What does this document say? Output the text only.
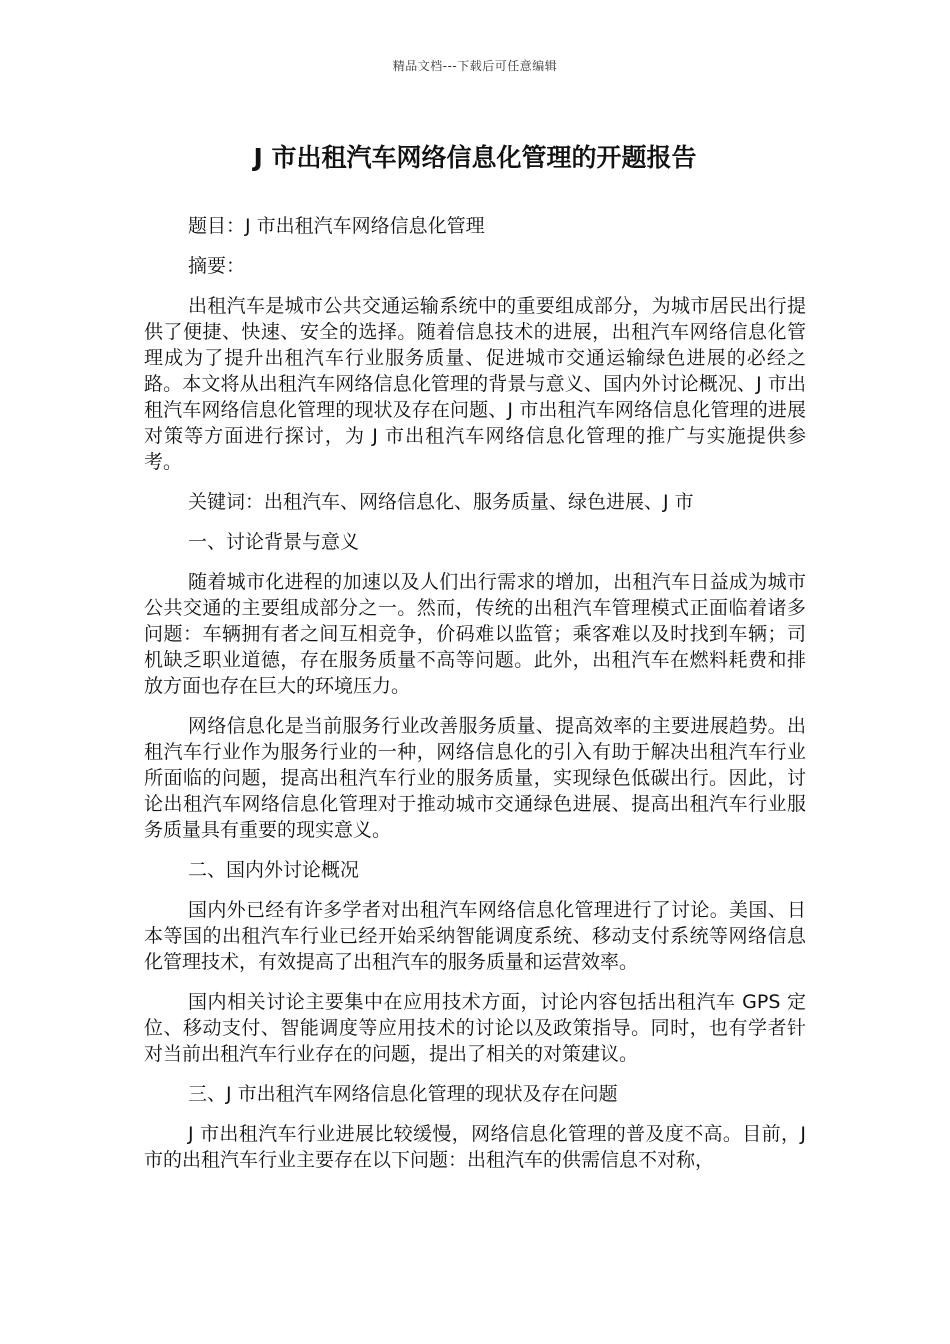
精品文档---下载后可任意编辑
J 市出租汽车网络信息化管理的开题报告

题目：J 市出租汽车网络信息化管理

摘要：

出租汽车是城市公共交通运输系统中的重要组成部分，为城市居民出行提供了便捷、快速、安全的选择。随着信息技术的进展，出租汽车网络信息化管理成为了提升出租汽车行业服务质量、促进城市交通运输绿色进展的必经之路。本文将从出租汽车网络信息化管理的背景与意义、国内外讨论概况、J 市出租汽车网络信息化管理的现状及存在问题、J 市出租汽车网络信息化管理的进展对策等方面进行探讨，为 J 市出租汽车网络信息化管理的推广与实施提供参考。

关键词：出租汽车、网络信息化、服务质量、绿色进展、J 市

一、讨论背景与意义

随着城市化进程的加速以及人们出行需求的增加，出租汽车日益成为城市公共交通的主要组成部分之一。然而，传统的出租汽车管理模式正面临着诸多问题：车辆拥有者之间互相竞争，价码难以监管；乘客难以及时找到车辆；司机缺乏职业道德，存在服务质量不高等问题。此外，出租汽车在燃料耗费和排放方面也存在巨大的环境压力。

网络信息化是当前服务行业改善服务质量、提高效率的主要进展趋势。出租汽车行业作为服务行业的一种，网络信息化的引入有助于解决出租汽车行业所面临的问题，提高出租汽车行业的服务质量，实现绿色低碳出行。因此，讨论出租汽车网络信息化管理对于推动城市交通绿色进展、提高出租汽车行业服务质量具有重要的现实意义。

二、国内外讨论概况

国内外已经有许多学者对出租汽车网络信息化管理进行了讨论。美国、日本等国的出租汽车行业已经开始采纳智能调度系统、移动支付系统等网络信息化管理技术，有效提高了出租汽车的服务质量和运营效率。

国内相关讨论主要集中在应用技术方面，讨论内容包括出租汽车 GPS 定位、移动支付、智能调度等应用技术的讨论以及政策指导。同时，也有学者针对当前出租汽车行业存在的问题，提出了相关的对策建议。

三、J 市出租汽车网络信息化管理的现状及存在问题

J 市出租汽车行业进展比较缓慢，网络信息化管理的普及度不高。目前，J 市的出租汽车行业主要存在以下问题：出租汽车的供需信息不对称，
